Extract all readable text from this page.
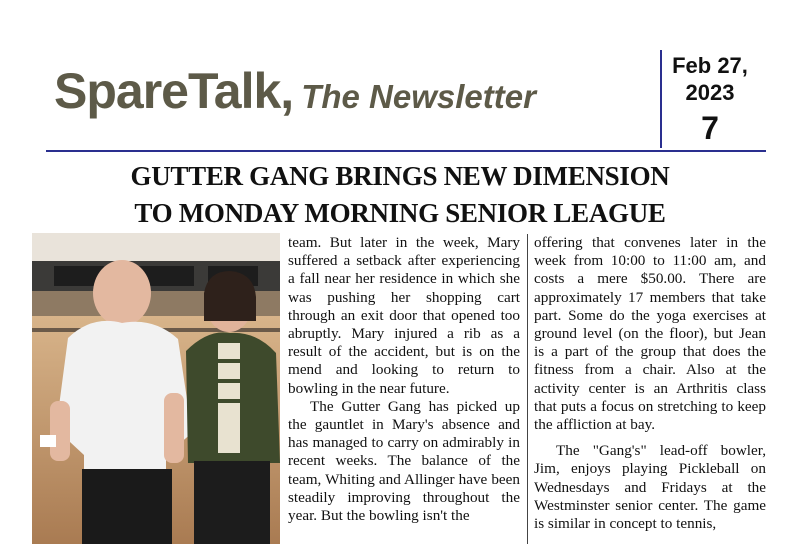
SpareTalk, The Newsletter
Feb 27,
2023
7
GUTTER GANG BRINGS NEW DIMENSION
TO MONDAY MORNING SENIOR LEAGUE

team. But later in the week, Mary suffered a setback after experiencing a fall near her residence in which she was pushing her shopping cart through an exit door that opened too abruptly. Mary injured a rib as a result of the accident, but is on the mend and looking to return to bowling in the near future.

The Gutter Gang has picked up the gauntlet in Mary's absence and has managed to carry on admirably in recent weeks. The balance of the team, Whiting and Allinger have been steadily improving throughout the year. But the bowling isn't the

offering that convenes later in the week from 10:00 to 11:00 am, and costs a mere $50.00. There are approximately 17 members that take part. Some do the yoga exercises at ground level (on the floor), but Jean is a part of the group that does the fitness from a chair. Also at the activity center is an Arthritis class that puts a focus on stretching to keep the affliction at bay.

The "Gang's" lead-off bowler, Jim, enjoys playing Pickleball on Wednesdays and Fridays at the Westminster senior center. The game is similar in concept to tennis,
